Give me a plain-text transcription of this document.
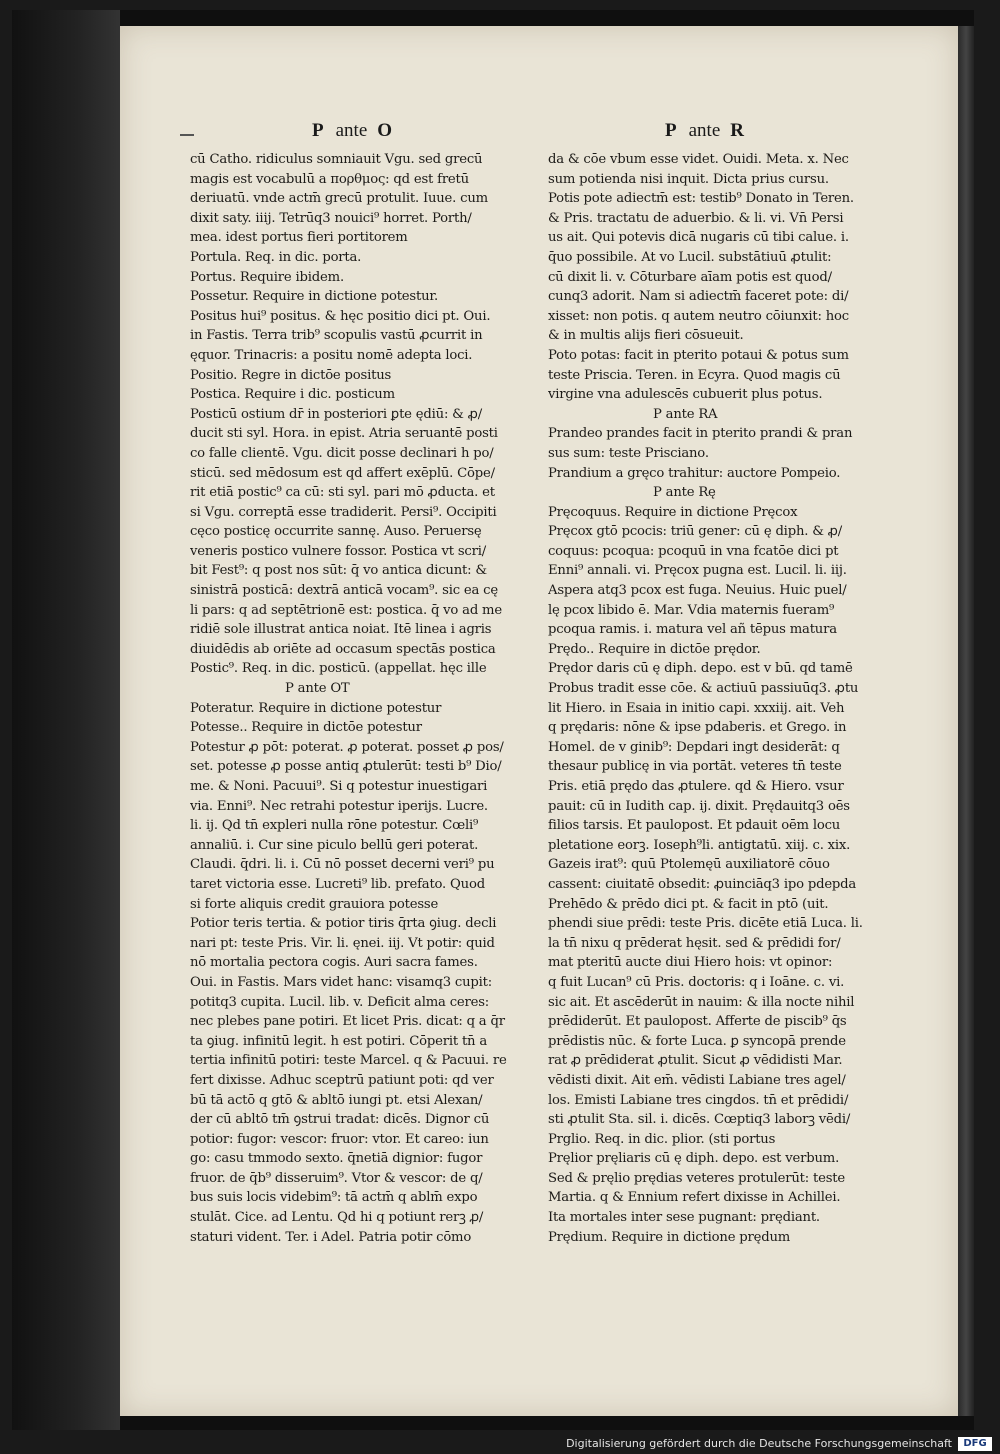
P ante O	P ante R
cū Catho. ridiculus somniauit Vgu. sed grecū
magis est vocabulū a πορθμος: qd est fretū
deriuatū. vnde actm̄ grecū protulit. Iuue. cum
dixit saty. iiij. Tetrūq3 nouici⁹ horret. Porth/
mea. idest portus fieri portitorem
Portula. Req. in dic. porta.
Portus. Require ibidem.
Possetur. Require in dictione potestur.
Positus hui⁹ positus. & hęc positio dici pt. Oui.
in Fastis. Terra trib⁹ scopulis vastū ꝓcurrit in
ęquor. Trinacris: a positu nomē adepta loci.
Positio. Regre in dictōe positus
Postica. Require i dic. posticum
Posticū ostium dr̄ in posteriori ꝑte ędiū: & ꝓ/
ducit sti syl. Hora. in epist. Atria seruantē posti
co falle clientē. Vgu. dicit posse declinari h po/
sticū. sed mēdosum est qd affert exēplū. Cōpe/
rit etiā postic⁹ ca cū: sti syl. pari mō ꝓducta. et
si Vgu. correptā esse tradiderit. Persi⁹. Occipiti
cęco posticę occurrite sannę. Auso. Peruersę
veneris postico vulnere fossor. Postica vt scri/
bit Fest⁹: q post nos sūt: q̄ vo antica dicunt: &
sinistrā posticā: dextrā anticā vocam⁹. sic ea cę
li pars: q ad septētrionē est: postica. q̄ vo ad me
ridiē sole illustrat antica noiat. Itē linea i agris
diuidēdis ab oriēte ad occasum spectās postica
Postic⁹. Req. in dic. posticū. (appellat. hęc ille
P ante OT
Poteratur. Require in dictione potestur
Potesse.. Require in dictōe potestur
Potestur ꝓ pōt: poterat. ꝓ poterat. posset ꝓ pos/
set. potesse ꝓ posse antiq ꝓtulerūt: testi b⁹ Dio/
me. & Noni. Pacuui⁹. Si q potestur inuestigari
via. Enni⁹. Nec retrahi potestur iperijs. Lucre.
li. ij. Qd tn̄ expleri nulla rōne potestur. Cœli⁹
annaliū. i. Cur sine piculo bellū geri poterat.
Claudi. q̄dri. li. i. Cū nō posset decerni veri⁹ pu
taret victoria esse. Lucreti⁹ lib. prefato. Quod
si forte aliquis credit grauiora potesse
Potior teris tertia. & potior tiris q̄rta ꝯiug. decli
nari pt: teste Pris. Vir. li. ęnei. iij. Vt potir: quid
nō mortalia pectora cogis. Auri sacra fames.
Oui. in Fastis. Mars videt hanc: visamq3 cupit:
potitq3 cupita. Lucil. lib. v. Deficit alma ceres:
nec plebes pane potiri. Et licet Pris. dicat: q a q̄r
ta ꝯiug. infinitū legit. h est potiri. Cōperit tn̄ a
tertia infinitū potiri: teste Marcel. q & Pacuui. re
fert dixisse. Adhuc sceptrū patiunt poti: qd ver
bū tā actō q gtō & abltō iungi pt. etsi Alexan/
der cū abltō tm̄ ꝯstrui tradat: dicēs. Dignor cū
potior: fugor: vescor: fruor: vtor. Et careo: iun
go: casu tmmodo sexto. q̄netiā dignior: fugor
fruor. de q̄b⁹ disseruim⁹. Vtor & vescor: de q/
bus suis locis videbim⁹: tā actm̄ q ablm̄ expo
stulāt. Cice. ad Lentu. Qd hi q potiunt rerꝫ ꝓ/
staturi vident. Ter. i Adel. Patria potir cōmo
da & cōe vbum esse videt. Ouidi. Meta. x. Nec
sum potienda nisi inquit. Dicta prius cursu.
Potis pote adiectm̄ est: testib⁹ Donato in Teren.
& Pris. tractatu de aduerbio. & li. vi. Vn̄ Persi
us ait. Qui potevis dicā nugaris cū tibi calue. i.
q̄uo possibile. At vo Lucil. substātiuū ꝓtulit:
cū dixit li. v. Cōturbare aīam potis est quod/
cunq3 adorit. Nam si adiectm̄ faceret pote: di/
xisset: non potis. q autem neutro cōiunxit: hoc
& in multis alijs fieri cōsueuit.
Poto potas: facit in pterito potaui & potus sum
teste Priscia. Teren. in Ecyra. Quod magis cū
virgine vna adulescēs cubuerit plus potus.
P ante RA
Prandeo prandes facit in pterito prandi & pran
sus sum: teste Prisciano.
Prandium a gręco trahitur: auctore Pompeio.
P ante Rę
Pręcoquus. Require in dictione Pręcox
Pręcox gtō pcocis: triū gener: cū ę diph. & ꝓ/
coquus: pcoqua: pcoquū in vna fcatōe dici pt
Enni⁹ annali. vi. Pręcox pugna est. Lucil. li. iij.
Aspera atq3 pcox est fuga. Neuius. Huic puel/
lę pcox libido ē. Mar. Vdia maternis fueram⁹
pcoqua ramis. i. matura vel añ tēpus matura
Prędo.. Require in dictōe prędor.
Prędor daris cū ę diph. depo. est v bū. qd tamē
Probus tradit esse cōe. & actiuū passiuūq3. ꝓtu
lit Hiero. in Esaia in initio capi. xxxiij. ait. Veh
q prędaris: nōne & ipse pdaberis. et Grego. in
Homel. de v ginib⁹: Depdari ingt desiderāt: q
thesaur publicę in via portāt. veteres tn̄ teste
Pris. etiā prędo das ꝓtulere. qd & Hiero. vsur
pauit: cū in Iudith cap. ij. dixit. Prędauitq3 oēs
filios tarsis. Et paulopost. Et pdauit oēm locu
pletatione eorꝫ. Ioseph⁹li. antigtatū. xiij. c. xix.
Gazeis irat⁹: quū Ptolemęū auxiliatorē cōuo
cassent: ciuitatē obsedit: ꝓuinciāq3 ipo pdepda
Prehēdo & prēdo dici pt. & facit in ptō (uit.
phendi siue prēdi: teste Pris. dicēte etiā Luca. li.
la tn̄ nixu q prēderat hęsit. sed & prēdidi for/
mat pteritū aucte diui Hiero hois: vt opinor:
q fuit Lucan⁹ cū Pris. doctoris: q i Ioāne. c. vi.
sic ait. Et ascēderūt in nauim: & illa nocte nihil
prēdiderūt. Et paulopost. Afferte de piscib⁹ q̄s
prēdistis nūc. & forte Luca. ꝑ syncopā prende
rat ꝓ prēdiderat ꝓtulit. Sicut ꝓ vēdidisti Mar.
vēdisti dixit. Ait em̄. vēdisti Labiane tres agel/
los. Emisti Labiane tres cingdos. tn̄ et prēdidi/
sti ꝓtulit Sta. sil. i. dicēs. Cœptiq3 laborꝫ vēdi/
Prglio. Req. in dic. plior. (sti portus
Pręlior pręliaris cū ę diph. depo. est verbum.
Sed & pręlio prędias veteres protulerūt: teste
Martia. q & Ennium refert dixisse in Achillei.
Ita mortales inter sese pugnant: prędiant.
Prędium. Require in dictione prędum
Digitalisierung gefördert durch die Deutsche Forschungsgemeinschaft	DFG
